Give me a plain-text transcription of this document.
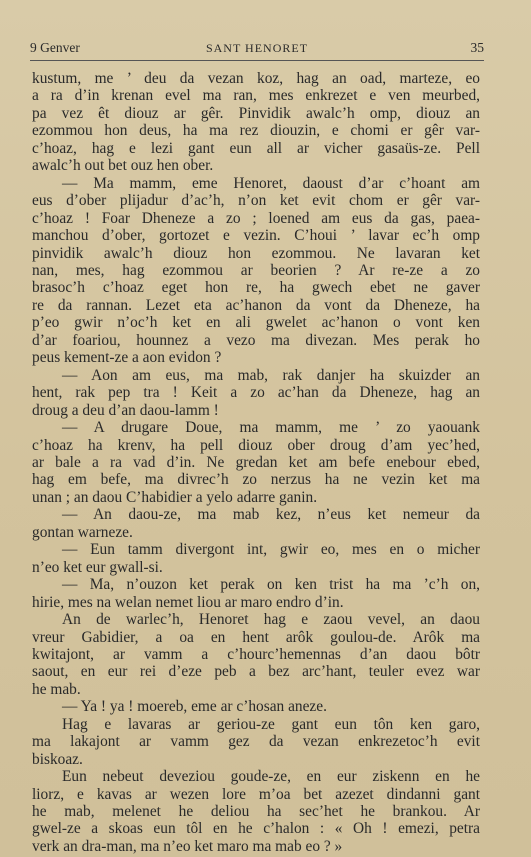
9 Genver	SANT HENORET	35
kustum, me ’ deu da vezan koz, hag an oad, marteze, eo
a ra d’in krenan evel ma ran, mes enkrezet e ven meurbed,
pa vez êt diouz ar gêr. Pinvidik awalc’h omp, diouz an
ezommou hon deus, ha ma rez diouzin, e chomi er gêr var-
c’hoaz, hag e lezi gant eun all ar vicher gasaüs-ze. Pell
awalc’h out bet ouz hen ober.
— Ma mamm, eme Henoret, daoust d’ar c’hoant am
eus d’ober plijadur d’ac’h, n’on ket evit chom er gêr var-
c’hoaz ! Foar Dheneze a zo ; loened am eus da gas, paea-
manchou d’ober, gortozet e vezin. C’houi ’ lavar ec’h omp
pinvidik awalc’h diouz hon ezommou. Ne lavaran ket
nan, mes, hag ezommou ar beorien ? Ar re-ze a zo
brasoc’h c’hoaz eget hon re, ha gwech ebet ne gaver
re da rannan. Lezet eta ac’hanon da vont da Dheneze, ha
p’eo gwir n’oc’h ket en ali gwelet ac’hanon o vont ken
d’ar foariou, hounnez a vezo ma divezan. Mes perak ho
peus kement-ze a aon evidon ?
— Aon am eus, ma mab, rak danjer ha skuizder an
hent, rak pep tra ! Keit a zo ac’han da Dheneze, hag an
droug a deu d’an daou-lamm !
— A drugare Doue, ma mamm, me ’ zo yaouank
c’hoaz ha krenv, ha pell diouz ober droug d’am yec’hed,
ar bale a ra vad d’in. Ne gredan ket am befe enebour ebed,
hag em befe, ma divrec’h zo nerzus ha ne vezin ket ma
unan ; an daou C’habidier a yelo adarre ganin.
— An daou-ze, ma mab kez, n’eus ket nemeur da
gontan warneze.
— Eun tamm divergont int, gwir eo, mes en o micher
n’eo ket eur gwall-si.
— Ma, n’ouzon ket perak on ken trist ha ma ’c’h on,
hirie, mes na welan nemet liou ar maro endro d’in.
An de warlec’h, Henoret hag e zaou vevel, an daou
vreur Gabidier, a oa en hent arôk goulou-de. Arôk ma
kwitajont, ar vamm a c’hourc’hemennas d’an daou bôtr
saout, en eur rei d’eze peb a bez arc’hant, teuler evez war
he mab.
— Ya ! ya ! moereb, eme ar c’hosan aneze.
Hag e lavaras ar geriou-ze gant eun tôn ken garo,
ma lakajont ar vamm gez da vezan enkrezetoc’h evit
biskoaz.
Eun nebeut deveziou goude-ze, en eur ziskenn en he
liorz, e kavas ar wezen lore m’oa bet azezet dindanni gant
he mab, melenet he deliou ha sec’het he brankou. Ar
gwel-ze a skoas eun tôl en he c’halon : « Oh ! emezi, petra
verk an dra-man, ma n’eo ket maro ma mab eo ? »
